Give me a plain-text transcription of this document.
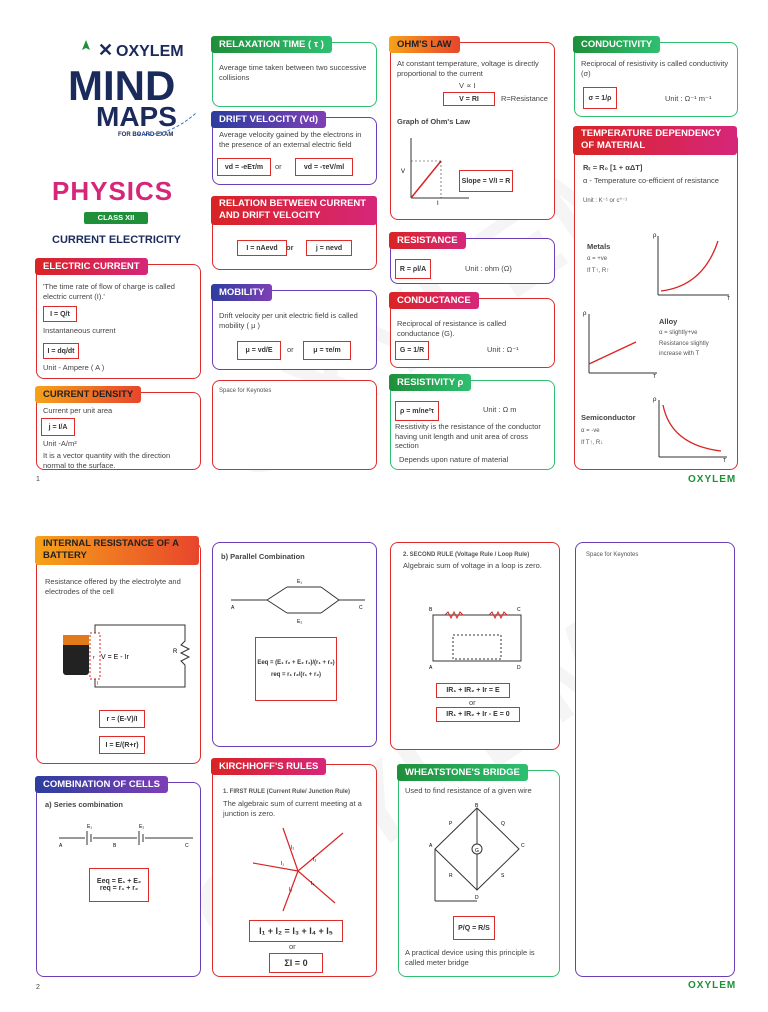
✕ OXYLEM
MIND
MAPS
FOR BOARD EXAM
PHYSICS
CLASS XII
CURRENT ELECTRICITY
ELECTRIC CURRENT
'The time rate of flow of charge is called electric current (I).'
I = Q/t
Instantaneous current
I = dq/dt
Unit - Ampere ( A )
CURRENT DENSITY
Current per unit area
j = I/A
Unit -A/m²
It is a vector quantity with the direction normal to the surface.
RELAXATION TIME ( τ )
Average time taken between two successive collisions
DRIFT VELOCITY (Vd)
Average velocity gained by the electrons in the presence of an external electric field
vd = -eEτ/m	or	vd = -τeV/ml
RELATION BETWEEN CURRENT AND DRIFT VELOCITY
I = nAevd	or	j = nevd
MOBILITY
Drift velocity per unit electric field is called mobility ( μ )
μ = vd/E	or	μ = τe/m
Space for Keynotes
OHM'S LAW
At constant temperature, voltage is directly proportional to the current
V ∝ I
V = RI	R=Resistance
Graph of Ohm's Law
V
I
Slope = V/I = R
RESISTANCE
R = ρl/A	Unit : ohm (Ω)
CONDUCTANCE
Reciprocal of resistance is called conductance (G).
G = 1/R	Unit : Ω⁻¹
RESISTIVITY ρ
ρ = m/ne²τ	Unit : Ω m
Resistivity is the resistance of the conductor having unit length and unit area of cross section
Depends upon nature of material
CONDUCTIVITY
Reciprocal of resistivity is called conductivity (σ)
σ = 1/ρ	Unit : Ω⁻¹ m⁻¹
TEMPERATURE DEPENDENCY OF MATERIAL
Rₜ = R₀ [1 + αΔT]
α - Temperature co-efficient of resistance
Unit : K⁻¹ or c°⁻¹
Metals
α = +ve
If T↑, R↑
ρ
T
ρ
T
Alloy
α = slightly+ve
Resistance slightly increase with T
Semiconductor
α = -ve
If T↑, R↓
ρ
T
1	OXYLEM
INTERNAL RESISTANCE OF A BATTERY
Resistance offered by the electrolyte and electrodes of the cell
V = E - Ir
R
r
I
r = (E-V)/I
I = E/(R+r)
COMBINATION OF CELLS
a) Series combination
A	B	C
E₁	E₂
Eeq = E₁ + E₂
req = r₁ + r₂
b) Parallel Combination
A	C
E₁
E₂
Eeq = (E₁ r₂ + E₂ r₁)/(r₁ + r₂)
req = r₁ r₂/(r₁ + r₂)
KIRCHHOFF'S RULES
1. FIRST RULE (Current Rule/ Junction Rule)
The algebraic sum of current meeting at a junction is zero.
I₁
I₂
I₃
I₄
I₅
I₁ + I₂ = I₃ + I₄ + I₅
or
ΣI = 0
2. SECOND RULE (Voltage Rule / Loop Rule)
Algebraic sum of voltage in a loop is zero.
B	C
A	D
IR₁ + IR₂ + Ir = E
or
IR₁ + IR₂ + Ir - E = 0
WHEATSTONE'S BRIDGE
Used to find resistance of a given wire
G
B
A	C
D
P	Q
R	S
P/Q = R/S
A practical device using this principle is called meter bridge
Space for Keynotes
2	OXYLEM
